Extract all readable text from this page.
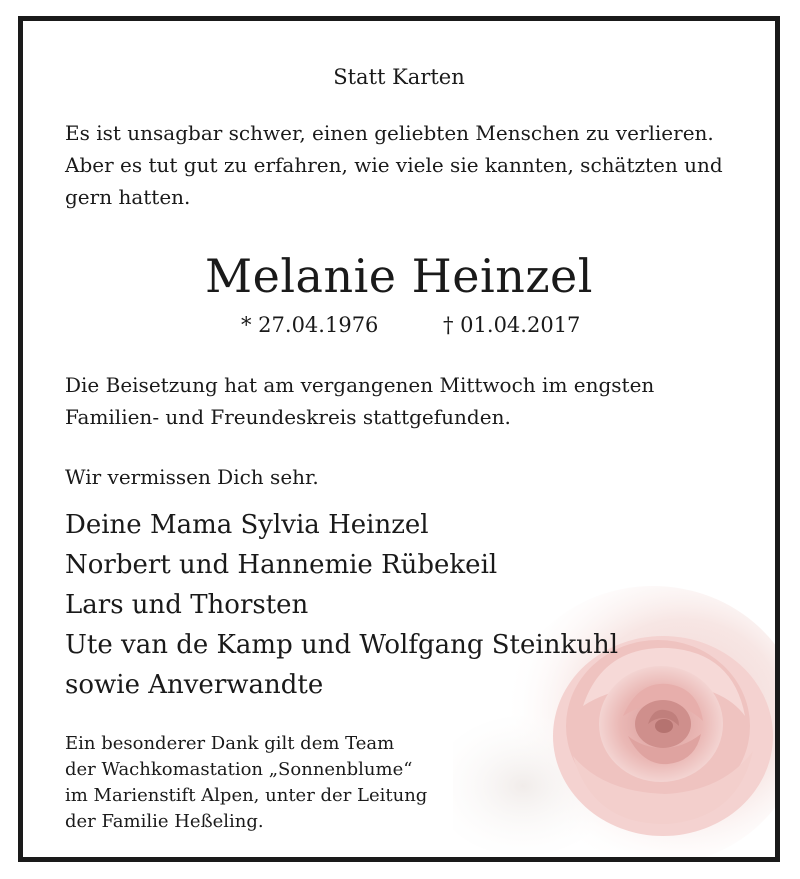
Statt Karten

Es ist unsagbar schwer, einen geliebten Menschen zu verlieren.

Aber es tut gut zu erfahren, wie viele sie kannten, schätzten und

gern hatten.

Melanie Heinzel

* 27.04.1976	† 01.04.2017

Die Beisetzung hat am vergangenen Mittwoch im engsten

Familien- und Freundeskreis stattgefunden.

Wir vermissen Dich sehr.

Deine Mama Sylvia Heinzel

Norbert und Hannemie Rübekeil

Lars und Thorsten

Ute van de Kamp und Wolfgang Steinkuhl

sowie Anverwandte

Ein besonderer Dank gilt dem Team

der Wachkomastation „Sonnenblume“

im Marienstift Alpen, unter der Leitung

der Familie Heßeling.
